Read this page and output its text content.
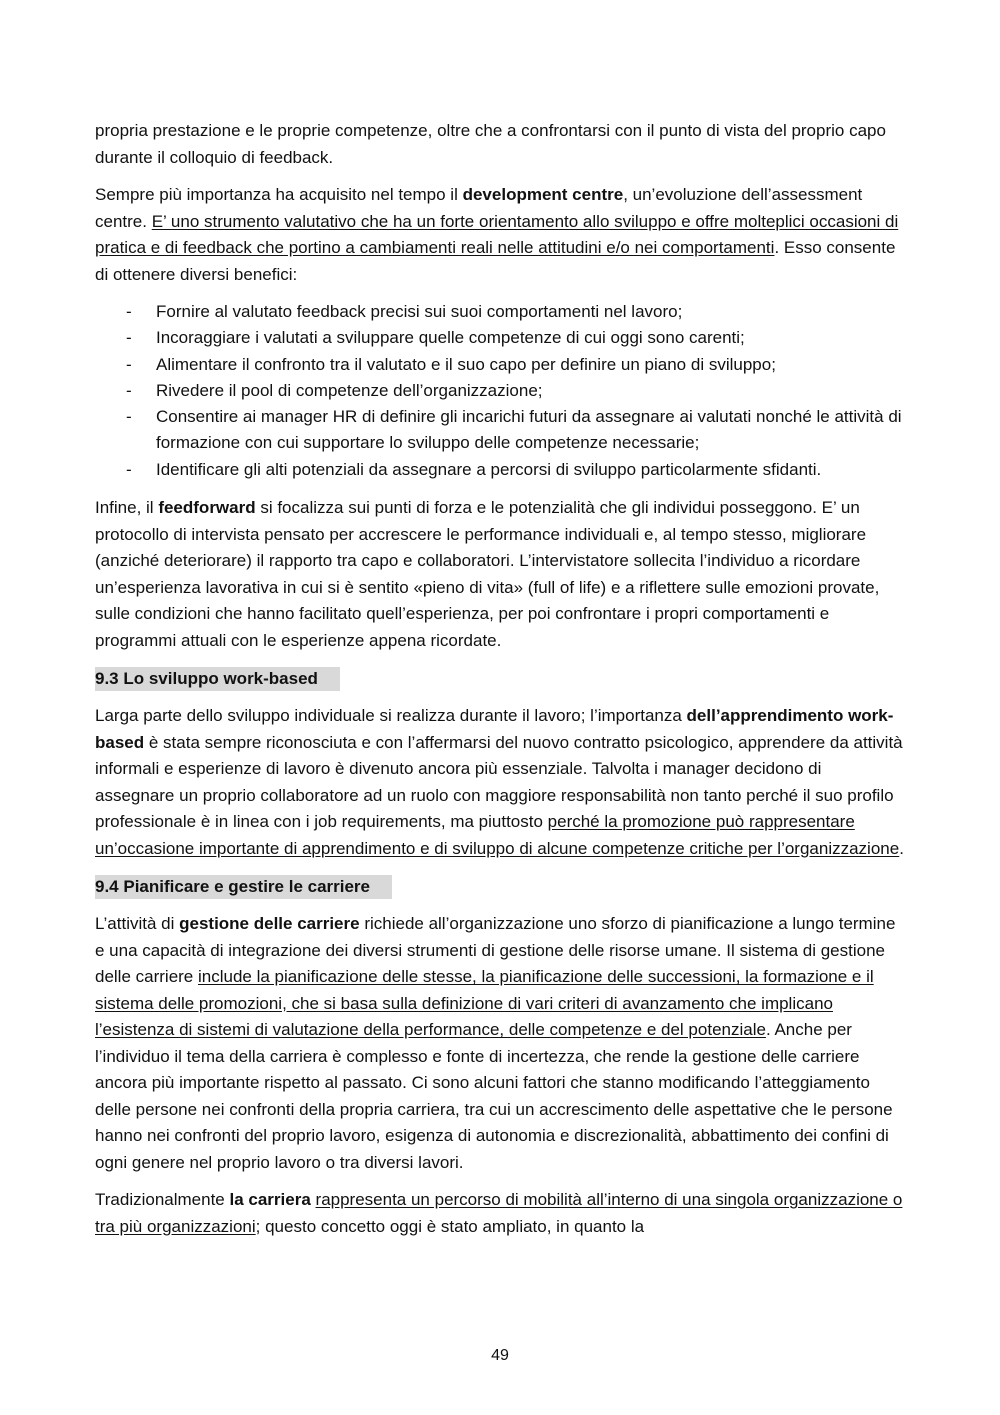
propria prestazione e le proprie competenze, oltre che a confrontarsi con il punto di vista del proprio capo durante il colloquio di feedback.

Sempre più importanza ha acquisito nel tempo il development centre, un’evoluzione dell’assessment centre. E’ uno strumento valutativo che ha un forte orientamento allo sviluppo e offre molteplici occasioni di pratica e di feedback che portino a cambiamenti reali nelle attitudini e/o nei comportamenti. Esso consente di ottenere diversi benefici:

- Fornire al valutato feedback precisi sui suoi comportamenti nel lavoro;
- Incoraggiare i valutati a sviluppare quelle competenze di cui oggi sono carenti;
- Alimentare il confronto tra il valutato e il suo capo per definire un piano di sviluppo;
- Rivedere il pool di competenze dell’organizzazione;
- Consentire ai manager HR di definire gli incarichi futuri da assegnare ai valutati nonché le attività di formazione con cui supportare lo sviluppo delle competenze necessarie;
- Identificare gli alti potenziali da assegnare a percorsi di sviluppo particolarmente sfidanti.

Infine, il feedforward si focalizza sui punti di forza e le potenzialità che gli individui posseggono. E’ un protocollo di intervista pensato per accrescere le performance individuali e, al tempo stesso, migliorare (anziché deteriorare) il rapporto tra capo e collaboratori. L’intervistatore sollecita l’individuo a ricordare un’esperienza lavorativa in cui si è sentito «pieno di vita» (full of life) e a riflettere sulle emozioni provate, sulle condizioni che hanno facilitato quell’esperienza, per poi confrontare i propri comportamenti e programmi attuali con le esperienze appena ricordate.

9.3 Lo sviluppo work-based

Larga parte dello sviluppo individuale si realizza durante il lavoro; l’importanza dell’apprendimento work-based è stata sempre riconosciuta e con l’affermarsi del nuovo contratto psicologico, apprendere da attività informali e esperienze di lavoro è divenuto ancora più essenziale. Talvolta i manager decidono di assegnare un proprio collaboratore ad un ruolo con maggiore responsabilità non tanto perché il suo profilo professionale è in linea con i job requirements, ma piuttosto perché la promozione può rappresentare un’occasione importante di apprendimento e di sviluppo di alcune competenze critiche per l’organizzazione.

9.4 Pianificare e gestire le carriere

L’attività di gestione delle carriere richiede all’organizzazione uno sforzo di pianificazione a lungo termine e una capacità di integrazione dei diversi strumenti di gestione delle risorse umane. Il sistema di gestione delle carriere include la pianificazione delle stesse, la pianificazione delle successioni, la formazione e il sistema delle promozioni, che si basa sulla definizione di vari criteri di avanzamento che implicano l’esistenza di sistemi di valutazione della performance, delle competenze e del potenziale. Anche per l’individuo il tema della carriera è complesso e fonte di incertezza, che rende la gestione delle carriere ancora più importante rispetto al passato. Ci sono alcuni fattori che stanno modificando l’atteggiamento delle persone nei confronti della propria carriera, tra cui un accrescimento delle aspettative che le persone hanno nei confronti del proprio lavoro, esigenza di autonomia e discrezionalità, abbattimento dei confini di ogni genere nel proprio lavoro o tra diversi lavori.

Tradizionalmente la carriera rappresenta un percorso di mobilità all’interno di una singola organizzazione o tra più organizzazioni; questo concetto oggi è stato ampliato, in quanto la

49
